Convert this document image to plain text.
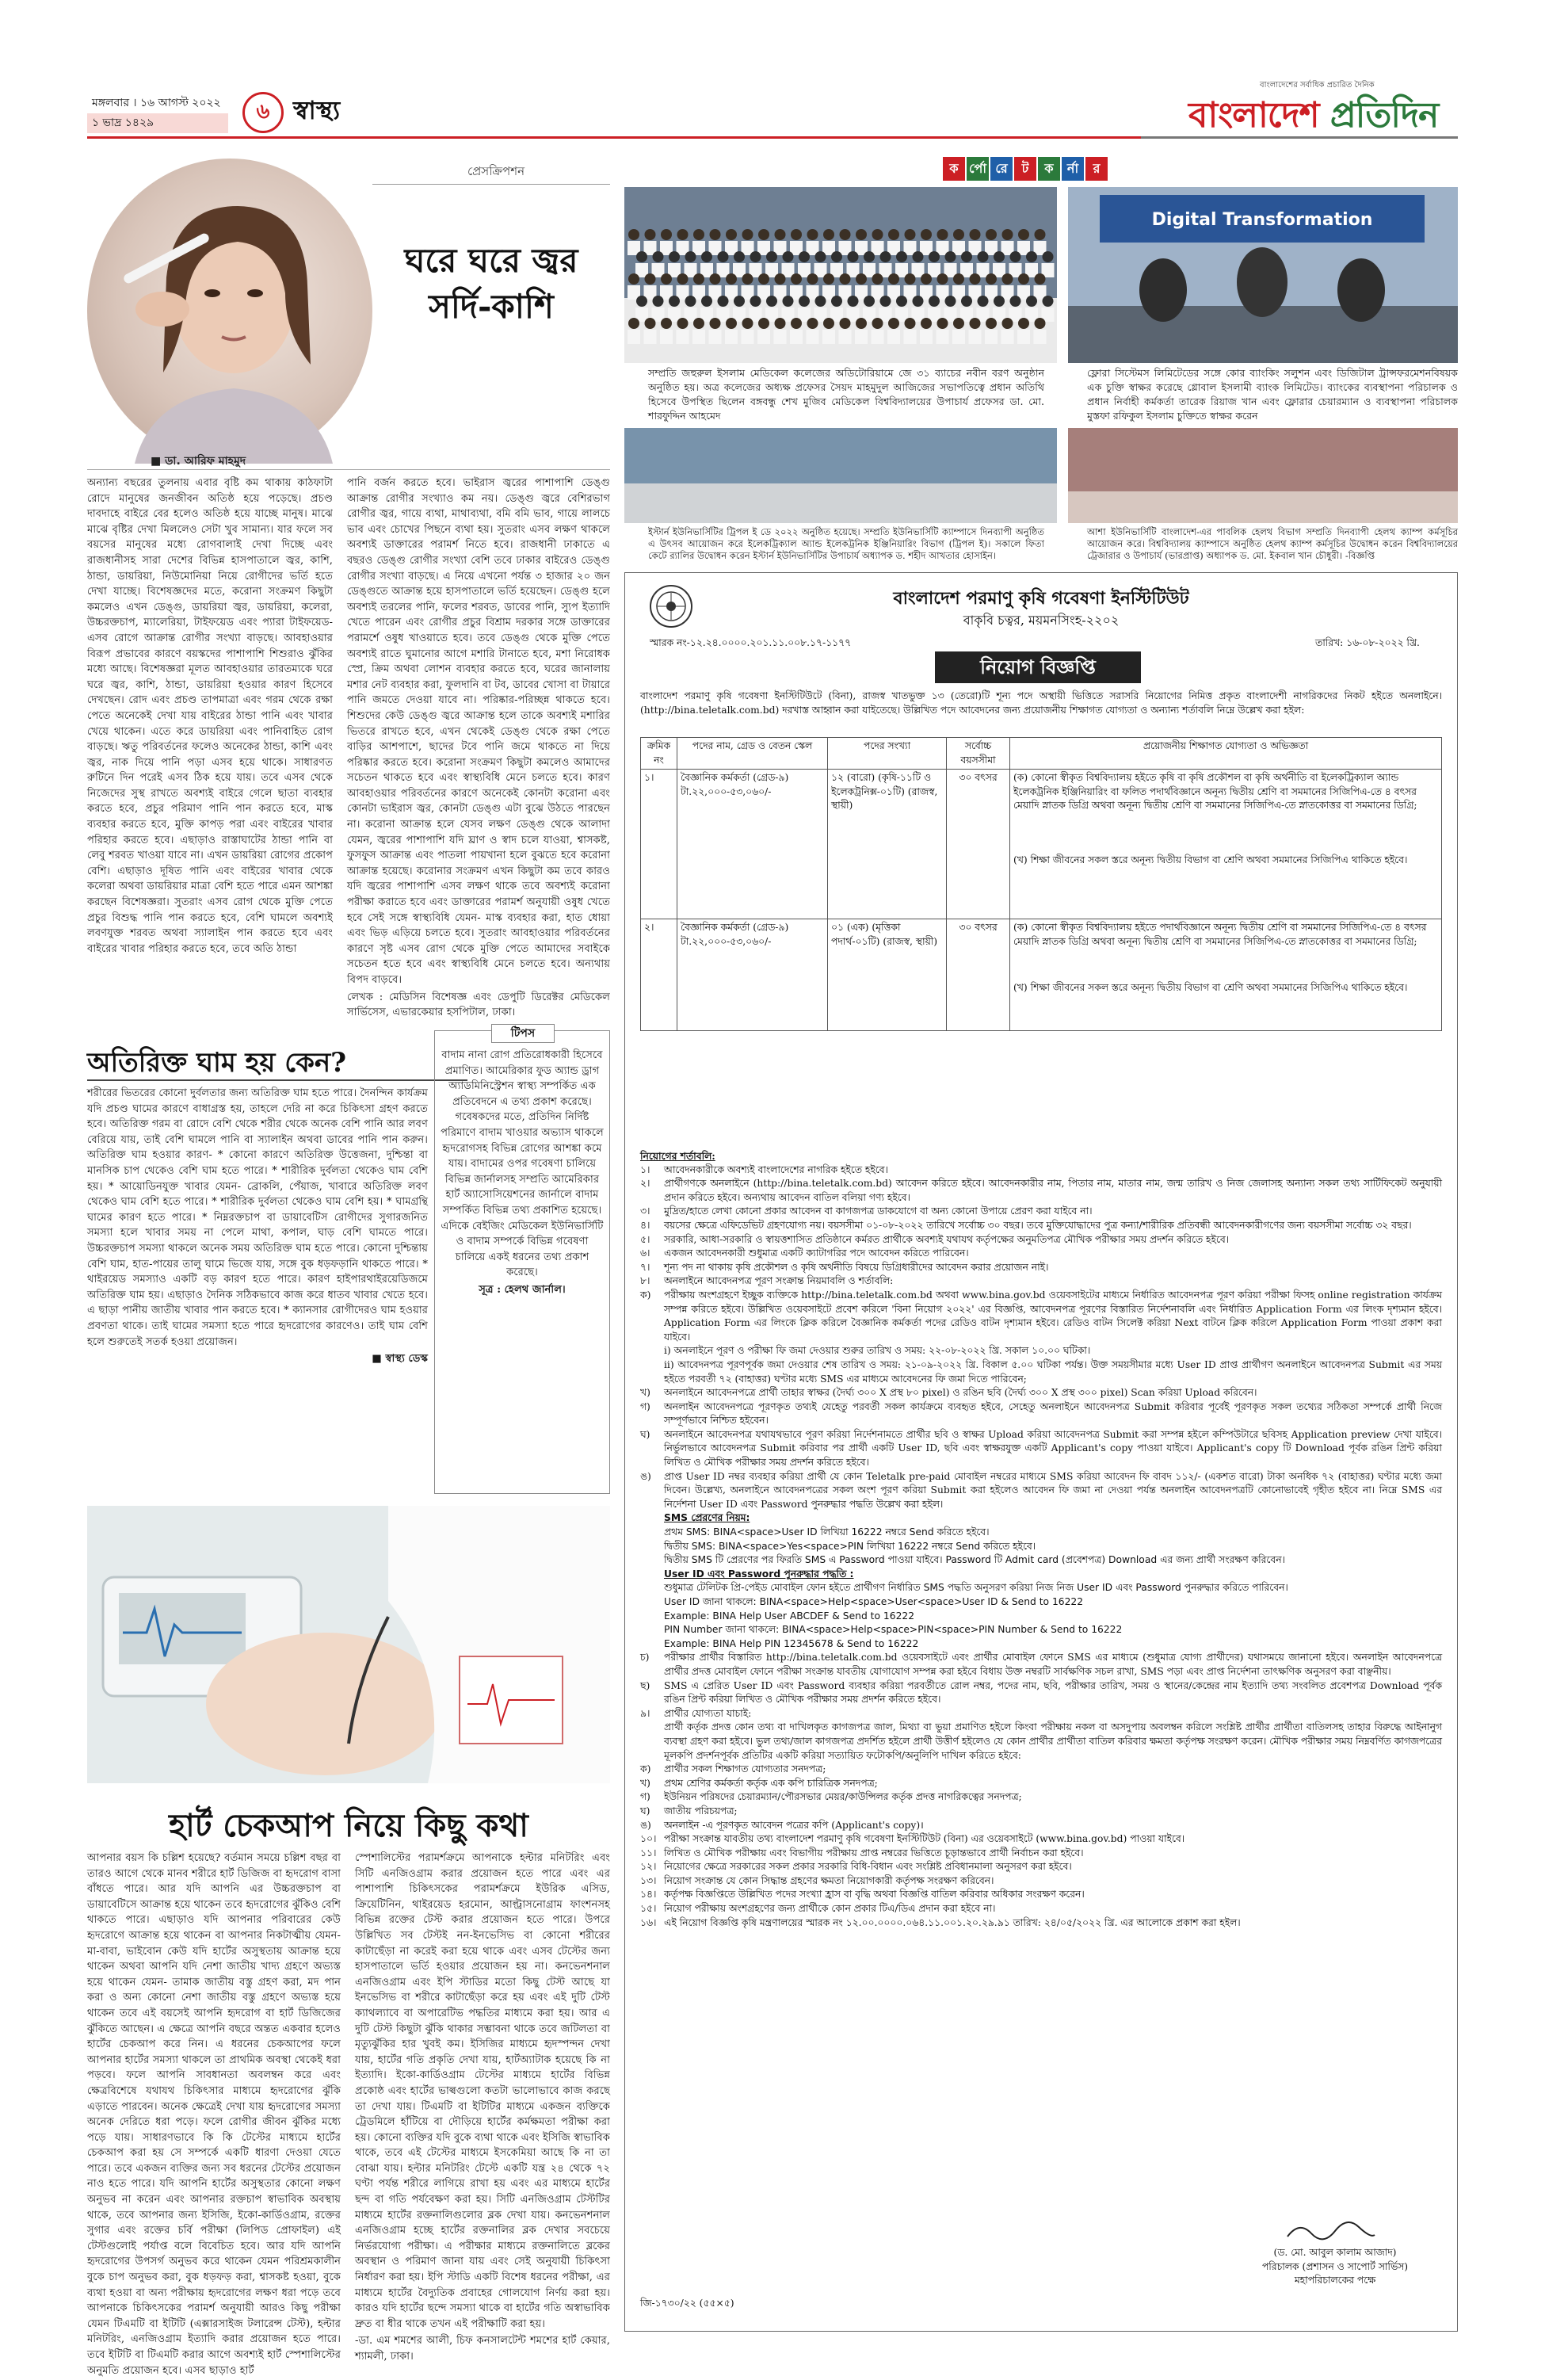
মঙ্গলবার । ১৬ আগস্ট ২০২২
১ ভাদ্র ১৪২৯	৬ স্বাস্থ্য
বাংলাদেশের সর্বাধিক প্রচারিত দৈনিক
বাংলাদেশ প্রতিদিন
প্রেসক্রিপশন
ঘরে ঘরে জ্বর
সর্দি-কাশি
■ ডা. আরিফ মাহমুদ

অন্যান্য বছরের তুলনায় এবার বৃষ্টি কম থাকায় কাঠফাটা রোদে মানুষের জনজীবন অতিষ্ঠ হয়ে পড়েছে। প্রচণ্ড দাবদাহে বাইরে বের হলেও অতিষ্ঠ হয়ে যাচ্ছে মানুষ। মাঝে মাঝে বৃষ্টির দেখা মিললেও সেটা খুব সামান্য। যার ফলে সব বয়সের মানুষের মধ্যে রোগবালাই দেখা দিচ্ছে এবং রাজধানীসহ সারা দেশের বিভিন্ন হাসপাতালে জ্বর, কাশি, ঠান্ডা, ডায়রিয়া, নিউমোনিয়া নিয়ে রোগীদের ভর্তি হতে দেখা যাচ্ছে। বিশেষজ্ঞদের মতে, করোনা সংক্রমণ কিছুটা কমলেও এখন ডেঙ্গু, ডায়রিয়া জ্বর, ডায়রিয়া, কলেরা, উচ্চরক্তচাপ, ম্যালেরিয়া, টাইফয়েড এবং প্যারা টাইফয়েড-এসব রোগে আক্রান্ত রোগীর সংখ্যা বাড়ছে। আবহাওয়ার বিরূপ প্রভাবের কারণে বয়স্কদের পাশাপাশি শিশুরাও ঝুঁকির মধ্যে আছে। বিশেষজ্ঞরা মূলত আবহাওয়ার তারতম্যকে ঘরে ঘরে জ্বর, কাশি, ঠান্ডা, ডায়রিয়া হওয়ার কারণ হিসেবে দেখছেন। রোদ এবং প্রচণ্ড তাপমাত্রা এবং গরম থেকে রক্ষা পেতে অনেকেই দেখা যায় বাইরের ঠান্ডা পানি এবং খাবার খেয়ে থাকেন। এতে করে ডায়রিয়া এবং পানিবাহিত রোগ বাড়ছে। ঋতু পরিবর্তনের ফলেও অনেকের ঠান্ডা, কাশি এবং জ্বর, নাক দিয়ে পানি পড়া এসব হয়ে থাকে। সাধারণত রুটিনে দিন পরেই এসব ঠিক হয়ে যায়। তবে এসব থেকে নিজেদের সুস্থ রাখতে অবশ্যই বাইরে গেলে ছাতা ব্যবহার করতে হবে, প্রচুর পরিমাণ পানি পান করতে হবে, মাস্ক ব্যবহার করতে হবে, মুক্তি কাপড় পরা এবং বাইরের খাবার পরিহার করতে হবে। এছাড়াও রাস্তাঘাটের ঠান্ডা পানি বা লেবু শরবত খাওয়া যাবে না। এখন ডায়রিয়া রোগের প্রকোপ বেশি। এছাড়াও দূষিত পানি এবং বাইরের খাবার থেকে কলেরা অথবা ডায়রিয়ার মাত্রা বেশি হতে পারে এমন আশঙ্কা করছেন বিশেষজ্ঞরা। সুতরাং এসব রোগ থেকে মুক্তি পেতে প্রচুর বিশুদ্ধ পানি পান করতে হবে, বেশি ঘামলে অবশ্যই লবণযুক্ত শরবত অথবা স্যালাইন পান করতে হবে এবং বাইরের খাবার পরিহার করতে হবে, তবে অতি ঠান্ডা

পানি বর্জন করতে হবে। ভাইরাস জ্বরের পাশাপাশি ডেঙ্গু আক্রান্ত রোগীর সংখ্যাও কম নয়। ডেঙ্গু জ্বরে বেশিরভাগ রোগীর জ্বর, গায়ে ব্যথা, মাথাব্যথা, বমি বমি ভাব, গায়ে লালচে ভাব এবং চোখের পিছনে ব্যথা হয়। সুতরাং এসব লক্ষণ থাকলে অবশ্যই ডাক্তারের পরামর্শ নিতে হবে। রাজধানী ঢাকাতে এ বছরও ডেঙ্গু রোগীর সংখ্যা বেশি তবে ঢাকার বাইরেও ডেঙ্গু রোগীর সংখ্যা বাড়ছে। এ নিয়ে এখনো পর্যন্ত ৩ হাজার ২০ জন ডেঙ্গুতে আক্রান্ত হয়ে হাসপাতালে ভর্তি হয়েছেন। ডেঙ্গু হলে অবশ্যই তরলের পানি, ফলের শরবত, ডাবের পানি, স্যুপ ইত্যাদি খেতে পারেন এবং রোগীর প্রচুর বিশ্রাম দরকার সঙ্গে ডাক্তারের পরামর্শে ওষুধ খাওয়াতে হবে। তবে ডেঙ্গু থেকে মুক্তি পেতে অবশ্যই রাতে ঘুমানোর আগে মশারি টানাতে হবে, মশা নিরোধক স্প্রে, ক্রিম অথবা লোশন ব্যবহার করতে হবে, ঘরের জানালায় মশার নেট ব্যবহার করা, ফুলদানি বা টব, ডাবের খোসা বা টায়ারে পানি জমতে দেওয়া যাবে না। পরিষ্কার-পরিচ্ছন্ন থাকতে হবে। শিশুদের কেউ ডেঙ্গু জ্বরে আক্রান্ত হলে তাকে অবশ্যই মশারির ভিতরে রাখতে হবে, এখন থেকেই ডেঙ্গু থেকে রক্ষা পেতে বাড়ির আশপাশে, ছাদের টবে পানি জমে থাকতে না দিয়ে পরিষ্কার করতে হবে। করোনা সংক্রমণ কিছুটা কমলেও আমাদের সচেতন থাকতে হবে এবং স্বাস্থ্যবিধি মেনে চলতে হবে। কারণ আবহাওয়ার পরিবর্তনের কারণে অনেকেই কোনটা করোনা এবং কোনটা ভাইরাস জ্বর, কোনটা ডেঙ্গু এটা বুঝে উঠতে পারছেন না। করোনা আক্রান্ত হলে যেসব লক্ষণ ডেঙ্গু থেকে আলাদা যেমন, জ্বরের পাশাপাশি যদি ঘ্রাণ ও স্বাদ চলে যাওয়া, শ্বাসকষ্ট, ফুসফুস আক্রান্ত এবং পাতলা পায়খানা হলে বুঝতে হবে করোনা আক্রান্ত হয়েছে। করোনার সংক্রমণ এখন কিছুটা কম তবে কারও যদি জ্বরের পাশাপাশি এসব লক্ষণ থাকে তবে অবশ্যই করোনা পরীক্ষা করাতে হবে এবং ডাক্তারের পরামর্শ অনুযায়ী ওষুধ খেতে হবে সেই সঙ্গে স্বাস্থ্যবিধি যেমন- মাস্ক ব্যবহার করা, হাত ধোয়া এবং ভিড় এড়িয়ে চলতে হবে। সুতরাং আবহাওয়ার পরিবর্তনের কারণে সৃষ্ট এসব রোগ থেকে মুক্তি পেতে আমাদের সবাইকে সচেতন হতে হবে এবং স্বাস্থ্যবিধি মেনে চলতে হবে। অন্যথায় বিপদ বাড়বে।

লেখক : মেডিসিন বিশেষজ্ঞ এবং ডেপুটি ডিরেক্টর মেডিকেল সার্ভিসেস, এভারকেয়ার হসপিটাল, ঢাকা।

অতিরিক্ত ঘাম হয় কেন?

শরীরের ভিতরের কোনো দুর্বলতার জন্য অতিরিক্ত ঘাম হতে পারে। দৈনন্দিন কার্যক্রম যদি প্রচণ্ড ঘামের কারণে বাধাগ্রস্ত হয়, তাহলে দেরি না করে চিকিৎসা গ্রহণ করতে হবে। অতিরিক্ত গরম বা রোদে বেশি থেকে শরীর থেকে অনেক বেশি পানি আর লবণ বেরিয়ে যায়, তাই বেশি ঘামলে পানি বা স্যালাইন অথবা ডাবের পানি পান করুন। অতিরিক্ত ঘাম হওয়ার কারণ- * কোনো কারণে অতিরিক্ত উত্তেজনা, দুশ্চিন্তা বা মানসিক চাপ থেকেও বেশি ঘাম হতে পারে। * শারীরিক দুর্বলতা থেকেও ঘাম বেশি হয়। * আয়োডিনযুক্ত খাবার যেমন- ব্রোকলি, পেঁয়াজ, খাবারে অতিরিক্ত লবণ থেকেও ঘাম বেশি হতে পারে। * শারীরিক দুর্বলতা থেকেও ঘাম বেশি হয়। * ঘামগ্রন্থি ঘামের কারণ হতে পারে। * নিম্নরক্তচাপ বা ডায়াবেটিস রোগীদের সুগারজনিত সমস্যা হলে খাবার সময় না পেলে মাথা, কপাল, ঘাড় বেশি ঘামতে পারে। উচ্চরক্তচাপ সমস্যা থাকলে অনেক সময় অতিরিক্ত ঘাম হতে পারে। কোনো দুশ্চিন্তায় বেশি ঘাম, হাত-পায়ের তালু ঘামে ভিজে যায়, সঙ্গে বুক ধড়ফড়ানি থাকতে পারে। * থাইরয়েড সমস্যাও একটি বড় কারণ হতে পারে। কারণ হাইপারথাইরয়েডিজমে অতিরিক্ত ঘাম হয়। এছাড়াও দৈনিক সঠিকভাবে কাজ করে ধাতব খাবার খেতে হবে। এ ছাড়া পানীয় জাতীয় খাবার পান করতে হবে। * ক্যানসার রোগীদেরও ঘাম হওয়ার প্রবণতা থাকে। তাই ঘামের সমস্যা হতে পারে হৃদরোগের কারণেও। তাই ঘাম বেশি হলে শুরুতেই সতর্ক হওয়া প্রয়োজন।

■ স্বাস্থ্য ডেস্ক

টিপস

বাদাম নানা রোগ প্রতিরোধকারী হিসেবে প্রমাণিত। আমেরিকার ফুড অ্যান্ড ড্রাগ অ্যাডমিনিস্ট্রেশন স্বাস্থ্য সম্পর্কিত এক প্রতিবেদনে এ তথ্য প্রকাশ করেছে। গবেষকদের মতে, প্রতিদিন নির্দিষ্ট পরিমাণে বাদাম খাওয়ার অভ্যাস থাকলে হৃদরোগসহ বিভিন্ন রোগের আশঙ্কা কমে যায়। বাদামের ওপর গবেষণা চালিয়ে বিভিন্ন জার্নালসহ সম্প্রতি আমেরিকার হার্ট অ্যাসোসিয়েশনের জার্নালে বাদাম সম্পর্কিত বিভিন্ন তথ্য প্রকাশিত হয়েছে। এদিকে বেইজিং মেডিকেল ইউনিভার্সিটি ও বাদাম সম্পর্কে বিভিন্ন গবেষণা চালিয়ে একই ধরনের তথ্য প্রকাশ করেছে।

সূত্র : হেলথ জার্নাল।

হার্ট চেকআপ নিয়ে কিছু কথা

আপনার বয়স কি চল্লিশ হয়েছে? বর্তমান সময়ে চল্লিশ বছর বা তারও আগে থেকে মানব শরীরে হার্ট ডিজিজ বা হৃদরোগ বাসা বাঁধতে পারে। আর যদি আপনি এর উচ্চরক্তচাপ বা ডায়াবেটিসে আক্রান্ত হয়ে থাকেন তবে হৃদরোগের ঝুঁকিও বেশি থাকতে পারে। এছাড়াও যদি আপনার পরিবারের কেউ হৃদরোগে আক্রান্ত হয়ে থাকেন বা আপনার নিকটাত্মীয় যেমন- মা-বাবা, ভাইবোন কেউ যদি হার্টের অসুস্থতায় আক্রান্ত হয়ে থাকেন অথবা আপনি যদি নেশা জাতীয় খাদ্য গ্রহণে অভ্যস্ত হয়ে থাকেন যেমন- তামাক জাতীয় বস্তু গ্রহণ করা, মদ পান করা ও অন্য কোনো নেশা জাতীয় বস্তু গ্রহণে অভ্যস্ত হয়ে থাকেন তবে এই বয়সেই আপনি হৃদরোগ বা হার্ট ডিজিজের ঝুঁকিতে আছেন। এ ক্ষেত্রে আপনি বছরে অন্তত একবার হলেও হার্টের চেকআপ করে নিন। এ ধরনের চেকআপের ফলে আপনার হার্টের সমস্যা থাকলে তা প্রাথমিক অবস্থা থেকেই ধরা পড়বে। ফলে আপনি সাবধানতা অবলম্বন করে এবং ক্ষেত্রবিশেষে যথাযথ চিকিৎসার মাধ্যমে হৃদরোগের ঝুঁকি এড়াতে পারবেন। অনেক ক্ষেত্রেই দেখা যায় হৃদরোগের সমস্যা অনেক দেরিতে ধরা পড়ে। ফলে রোগীর জীবন ঝুঁকির মধ্যে পড়ে যায়। সাধারণভাবে কি কি টেস্টের মাধ্যমে হার্টের চেকআপ করা হয় সে সম্পর্কে একটি ধারণা দেওয়া যেতে পারে। তবে একজন ব্যক্তির জন্য সব ধরনের টেস্টের প্রয়োজন নাও হতে পারে। যদি আপনি হার্টের অসুস্থতার কোনো লক্ষণ অনুভব না করেন এবং আপনার রক্তচাপ স্বাভাবিক অবস্থায় থাকে, তবে আপনার জন্য ইসিজি, ইকো-কার্ডিওগ্রাম, রক্তের সুগার এবং রক্তের চর্বি পরীক্ষা (লিপিড প্রোফাইল) এই টেস্টগুলোই পর্যাপ্ত বলে বিবেচিত হবে। আর যদি আপনি হৃদরোগের উপসর্গ অনুভব করে থাকেন যেমন পরিশ্রমকালীন বুকে চাপ অনুভব করা, বুক ধড়ফড় করা, শ্বাসকষ্ট হওয়া, বুকে ব্যথা হওয়া বা অন্য পরীক্ষায় হৃদরোগের লক্ষণ ধরা পড়ে তবে আপনাকে চিকিৎসকের পরামর্শ অনুযায়ী আরও কিছু পরীক্ষা যেমন টিএমটি বা ইটিটি (এক্সারসাইজ টলারেন্স টেস্ট), হল্টার মনিটরিং, এনজিওগ্রাম ইত্যাদি করার প্রয়োজন হতে পারে। তবে ইটিটি বা টিএমটি করার আগে অবশ্যই হার্ট স্পেশালিস্টের অনুমতি প্রয়োজন হবে। এসব ছাড়াও হার্ট

স্পেশালিস্টের পরামর্শক্রমে আপনাকে হল্টার মনিটরিং এবং সিটি এনজিওগ্রাম করার প্রয়োজন হতে পারে এবং এর পাশাপাশি চিকিৎসকের পরামর্শক্রমে ইউরিক এসিড, ক্রিয়েটিনিন, থাইরয়েড হরমোন, আল্ট্রাসনোগ্রাম ফাংশনসহ বিভিন্ন রক্তের টেস্ট করার প্রয়োজন হতে পারে। উপরে উল্লিখিত সব টেস্টই নন-ইনভেসিভ বা কোনো শরীরের কাটাছেঁড়া না করেই করা হয়ে থাকে এবং এসব টেস্টের জন্য হাসপাতালে ভর্তি হওয়ার প্রয়োজন হয় না। কনভেনশনাল এনজিওগ্রাম এবং ইপি স্টাডির মতো কিছু টেস্ট আছে যা ইনভেসিভ বা শরীরে কাটাছেঁড়া করে হয় এবং এই দুটি টেস্ট ক্যাথল্যাবে বা অপারেটিভ পদ্ধতির মাধ্যমে করা হয়। আর এ দুটি টেস্ট কিছুটা ঝুঁকি থাকার সম্ভাবনা থাকে তবে জটিলতা বা মৃত্যুঝুঁকির হার খুবই কম। ইসিজির মাধ্যমে হৃদস্পন্দন দেখা যায়, হার্টের গতি প্রকৃতি দেখা যায়, হার্টঅ্যাটাক হয়েছে কি না ইত্যাদি। ইকো-কার্ডিওগ্রাম টেস্টের মাধ্যমে হার্টের বিভিন্ন প্রকোষ্ঠ এবং হার্টের ভাল্বগুলো কতটা ভালোভাবে কাজ করছে তা দেখা যায়। টিএমটি বা ইটিটির মাধ্যমে একজন ব্যক্তিকে ট্রেডমিলে হাঁটিয়ে বা দৌড়িয়ে হার্টের কর্মক্ষমতা পরীক্ষা করা হয়। কোনো ব্যক্তির যদি বুকে ব্যথা থাকে এবং ইসিজি স্বাভাবিক থাকে, তবে এই টেস্টের মাধ্যমে ইসকেমিয়া আছে কি না তা বোঝা যায়। হল্টার মনিটরিং টেস্টে একটি যন্ত্র ২৪ থেকে ৭২ ঘণ্টা পর্যন্ত শরীরে লাগিয়ে রাখা হয় এবং এর মাধ্যমে হার্টের ছন্দ বা গতি পর্যবেক্ষণ করা হয়। সিটি এনজিওগ্রাম টেস্টটির মাধ্যমে হার্টের রক্তনালিগুলোর ব্লক দেখা যায়। কনভেনশনাল এনজিওগ্রাম হচ্ছে হার্টের রক্তনালির ব্লক দেখার সবচেয়ে নির্ভরযোগ্য পরীক্ষা। এ পরীক্ষার মাধ্যমে রক্তনালিতে ব্লকের অবস্থান ও পরিমাণ জানা যায় এবং সেই অনুযায়ী চিকিৎসা নির্ধারণ করা হয়। ইপি স্টাডি একটি বিশেষ ধরনের পরীক্ষা, এর মাধ্যমে হার্টের বৈদ্যুতিক প্রবাহের গোলযোগ নির্ণয় করা হয়। কারও যদি হার্টের ছন্দে সমস্যা থাকে বা হার্টের গতি অস্বাভাবিক দ্রুত বা ধীর থাকে তখন এই পরীক্ষাটি করা হয়।

-ডা. এম শমশের আলী, চিফ কনসালটেন্ট শমশের হার্ট কেয়ার, শ্যামলী, ঢাকা।

ক র্পো রে	ট	ক	র্না	র
Digital Transformation
সম্প্রতি জহুরুল ইসলাম মেডিকেল কলেজের অডিটোরিয়ামে জে ৩১ ব্যাচের নবীন বরণ অনুষ্ঠান অনুষ্ঠিত হয়। অত্র কলেজের অধ্যক্ষ প্রফেসর সৈয়দ মাহমুদুল আজিজের সভাপতিত্বে প্রধান অতিথি হিসেবে উপস্থিত ছিলেন বঙ্গবন্ধু শেখ মুজিব মেডিকেল বিশ্ববিদ্যালয়ের উপাচার্য প্রফেসর ডা. মো. শারফুদ্দিন আহমেদ
ফ্লোরা সিস্টেমস লিমিটেডের সঙ্গে কোর ব্যাংকিং সলুশন এবং ডিজিটাল ট্রান্সফরমেশনবিষয়ক এক চুক্তি স্বাক্ষর করেছে গ্লোবাল ইসলামী ব্যাংক লিমিটেড। ব্যাংকের ব্যবস্থাপনা পরিচালক ও প্রধান নির্বাহী কর্মকর্তা তারেক রিয়াজ খান এবং ফ্লোরার চেয়ারম্যান ও ব্যবস্থাপনা পরিচালক মুস্তফা রফিকুল ইসলাম চুক্তিতে স্বাক্ষর করেন
ইস্টার্ন ইউনিভার্সিটির ট্রিপল ই ডে ২০২২ অনুষ্ঠিত হয়েছে। সম্প্রতি ইউনিভার্সিটি ক্যাম্পাসে দিনব্যাপী অনুষ্ঠিত এ উৎসব আয়োজন করে ইলেকট্রিক্যাল অ্যান্ড ইলেকট্রনিক ইঞ্জিনিয়ারিং বিভাগ (ট্রিপল ই)। সকালে ফিতা কেটে র‍্যালির উদ্বোধন করেন ইস্টার্ন ইউনিভার্সিটির উপাচার্য অধ্যাপক ড. শহীদ আখতার হোসাইন।
আশা ইউনিভার্সিটি বাংলাদেশ-এর পাবলিক হেলথ বিভাগ সম্প্রতি দিনব্যাপী হেলথ ক্যাম্প কর্মসূচির আয়োজন করে। বিশ্ববিদ্যালয় ক্যাম্পাসে অনুষ্ঠিত হেলথ ক্যাম্প কর্মসূচির উদ্বোধন করেন বিশ্ববিদ্যালয়ের ট্রেজারার ও উপাচার্য (ভারপ্রাপ্ত) অধ্যাপক ড. মো. ইকবাল খান চৌধুরী। -বিজ্ঞপ্তি
বাংলাদেশ পরমাণু কৃষি গবেষণা ইনস্টিটিউট
বাকৃবি চত্বর, ময়মনসিংহ-২২০২
স্মারক নং-১২.২৪.০০০০.২০১.১১.০০৮.১৭-১১৭৭	তারিখ: ১৬-০৮-২০২২ খ্রি.
নিয়োগ বিজ্ঞপ্তি
বাংলাদেশ পরমাণু কৃষি গবেষণা ইনস্টিটিউটে (বিনা), রাজস্ব খাতভুক্ত ১৩ (তেরো)টি শূন্য পদে অস্থায়ী ভিত্তিতে সরাসরি নিয়োগের নিমিত্ত প্রকৃত বাংলাদেশী নাগরিকদের নিকট হইতে অনলাইনে। (http://bina.teletalk.com.bd) দরখাস্ত আহ্বান করা যাইতেছে। উল্লিখিত পদে আবেদনের জন্য প্রয়োজনীয় শিক্ষাগত যোগ্যতা ও অন্যান্য শর্তাবলি নিম্নে উল্লেখ করা হইল:
ক্রমিক নং	পদের নাম, গ্রেড ও বেতন স্কেল	পদের সংখ্যা	সর্বোচ্চ বয়সসীমা	প্রয়োজনীয় শিক্ষাগত যোগ্যতা ও অভিজ্ঞতা
১।	বৈজ্ঞানিক কর্মকর্তা (গ্রেড-৯) টা.২২,০০০-৫৩,০৬০/-	১২ (বারো) (কৃষি-১১টি ও ইলেকট্রনিক্স-০১টি) (রাজস্ব, স্থায়ী)	৩০ বৎসর	(ক) কোনো স্বীকৃত বিশ্ববিদ্যালয় হইতে কৃষি বা কৃষি প্রকৌশল বা কৃষি অর্থনীতি বা ইলেকট্রিক্যাল অ্যান্ড ইলেকট্রনিক ইঞ্জিনিয়ারিং বা ফলিত পদার্থবিজ্ঞানে অনূন্য দ্বিতীয় শ্রেণি বা সমমানের সিজিপিএ-তে ৪ বৎসর মেয়াদি স্নাতক ডিগ্রি অথবা অনূন্য দ্বিতীয় শ্রেণি বা সমমানের সিজিপিএ-তে স্নাতকোত্তর বা সমমানের ডিগ্রি;
(খ) শিক্ষা জীবনের সকল স্তরে অনূন্য দ্বিতীয় বিভাগ বা শ্রেণি অথবা সমমানের সিজিপিএ থাকিতে হইবে।

২।	বৈজ্ঞানিক কর্মকর্তা (গ্রেড-৯) টা.২২,০০০-৫৩,০৬০/-	০১ (এক) (মৃত্তিকা পদার্থ-০১টি) (রাজস্ব, স্থায়ী)	৩০ বৎসর	(ক) কোনো স্বীকৃত বিশ্ববিদ্যালয় হইতে পদার্থবিজ্ঞানে অনূন্য দ্বিতীয় শ্রেণি বা সমমানের সিজিপিএ-তে ৪ বৎসর মেয়াদি স্নাতক ডিগ্রি অথবা অনূন্য দ্বিতীয় শ্রেণি বা সমমানের সিজিপিএ-তে স্নাতকোত্তর বা সমমানের ডিগ্রি;
(খ) শিক্ষা জীবনের সকল স্তরে অনূন্য দ্বিতীয় বিভাগ বা শ্রেণি অথবা সমমানের সিজিপিএ থাকিতে হইবে।
নিয়োগের শর্তাবলি:
১।	আবেদনকারীকে অবশ্যই বাংলাদেশের নাগরিক হইতে হইবে।
২।	প্রার্থীগণকে অনলাইনে (http://bina.teletalk.com.bd) আবেদন করিতে হইবে। আবেদনকারীর নাম, পিতার নাম, মাতার নাম, জন্ম তারিখ ও নিজ জেলাসহ অন্যান্য সকল তথ্য সার্টিফিকেট অনুযায়ী প্রদান করিতে হইবে। অন্যথায় আবেদন বাতিল বলিয়া গণ্য হইবে।
৩।	মুদ্রিত/হাতে লেখা কোনো প্রকার আবেদন বা কাগজপত্র ডাকযোগে বা অন্য কোনো উপায়ে প্রেরণ করা যাইবে না।
৪।	বয়সের ক্ষেত্রে এফিডেভিট গ্রহণযোগ্য নয়। বয়সসীমা ০১-০৮-২০২২ তারিখে সর্বোচ্চ ৩০ বছর। তবে মুক্তিযোদ্ধাদের পুত্র কন্যা/শারীরিক প্রতিবন্ধী আবেদনকারীগণের জন্য বয়সসীমা সর্বোচ্চ ৩২ বছর।
৫।	সরকারি, আধা-সরকারি ও স্বায়ত্তশাসিত প্রতিষ্ঠানে কর্মরত প্রার্থীকে অবশ্যই যথাযথ কর্তৃপক্ষের অনুমতিপত্র মৌখিক পরীক্ষার সময় প্রদর্শন করিতে হইবে।
৬।	একজন আবেদনকারী শুধুমাত্র একটি ক্যাটাগরির পদে আবেদন করিতে পারিবেন।
৭।	শূন্য পদ না থাকায় কৃষি প্রকৌশল ও কৃষি অর্থনীতি বিষয়ে ডিগ্রিধারীদের আবেদন করার প্রয়োজন নাই।
৮।	অনলাইনে আবেদনপত্র পূরণ সংক্রান্ত নিয়মাবলি ও শর্তাবলি:
ক)	পরীক্ষায় অংশগ্রহণে ইচ্ছুক ব্যক্তিকে http://bina.teletalk.com.bd অথবা www.bina.gov.bd ওয়েবসাইটের মাধ্যমে নির্ধারিত আবেদনপত্র পূরণ করিয়া পরীক্ষা ফিসহ online registration কার্যক্রম সম্পন্ন করিতে হইবে। উল্লিখিত ওয়েবসাইটে প্রবেশ করিলে 'বিনা নিয়োগ ২০২২' এর বিজ্ঞপ্তি, আবেদনপত্র পূরণের বিস্তারিত নির্দেশনাবলি এবং নির্ধারিত Application Form এর লিংক দৃশ্যমান হইবে। Application Form এর লিংকে ক্লিক করিলে বৈজ্ঞানিক কর্মকর্তা পদের রেডিও বাটন দৃশ্যমান হইবে। রেডিও বাটন সিলেক্ট করিয়া Next বাটনে ক্লিক করিলে Application Form পাওয়া প্রকাশ করা যাইবে।
i) অনলাইনে পূরণ ও পরীক্ষা ফি জমা দেওয়ার শুরুর তারিখ ও সময়: ২২-০৮-২০২২ খ্রি. সকাল ১০.০০ ঘটিকা।
ii) আবেদনপত্র পূরণপূর্বক জমা দেওয়ার শেষ তারিখ ও সময়: ২১-০৯-২০২২ খ্রি. বিকাল ৫.০০ ঘটিকা পর্যন্ত। উক্ত সময়সীমার মধ্যে User ID প্রাপ্ত প্রার্থীগণ অনলাইনে আবেদনপত্র Submit এর সময় হইতে পরবর্তী ৭২ (বাহাত্তর) ঘণ্টার মধ্যে SMS এর মাধ্যমে আবেদনের ফি জমা দিতে পারিবেন;
খ)	অনলাইনে আবেদনপত্রে প্রার্থী তাহার স্বাক্ষর (দৈর্ঘ্য ৩০০ X প্রস্থ ৮০ pixel) ও রঙিন ছবি (দৈর্ঘ্য ৩০০ X প্রস্থ ৩০০ pixel) Scan করিয়া Upload করিবেন।
গ)	অনলাইন আবেদনপত্রে পূরণকৃত তথ্যই যেহেতু পরবর্তী সকল কার্যক্রমে ব্যবহৃত হইবে, সেহেতু অনলাইনে আবেদনপত্র Submit করিবার পূর্বেই পূরণকৃত সকল তথ্যের সঠিকতা সম্পর্কে প্রার্থী নিজে সম্পূর্ণভাবে নিশ্চিত হইবেন।
ঘ)	অনলাইনে আবেদনপত্র যথাযথভাবে পূরণ করিয়া নির্দেশনামতে প্রার্থীর ছবি ও স্বাক্ষর Upload করিয়া আবেদনপত্র Submit করা সম্পন্ন হইলে কম্পিউটারে ছবিসহ Application preview দেখা যাইবে। নির্ভুলভাবে আবেদনপত্র Submit করিবার পর প্রার্থী একটি User ID, ছবি এবং স্বাক্ষরযুক্ত একটি Applicant's copy পাওয়া যাইবে। Applicant's copy টি Download পূর্বক রঙিন প্রিন্ট করিয়া লিখিত ও মৌখিক পরীক্ষার সময় প্রদর্শন করিতে হইবে।
ঙ)	প্রাপ্ত User ID নম্বর ব্যবহার করিয়া প্রার্থী যে কোন Teletalk pre-paid মোবাইল নম্বরের মাধ্যমে SMS করিয়া আবেদন ফি বাবদ ১১২/- (একশত বারো) টাকা অনধিক ৭২ (বাহাত্তর) ঘণ্টার মধ্যে জমা দিবেন। উল্লেখ্য, অনলাইনে আবেদনপত্রের সকল অংশ পূরণ করিয়া Submit করা হইলেও আবেদন ফি জমা না দেওয়া পর্যন্ত অনলাইন আবেদনপত্রটি কোনোভাবেই গৃহীত হইবে না। নিম্নে SMS এর নির্দেশনা User ID এবং Password পুনরুদ্ধার পদ্ধতি উল্লেখ করা হইল।
SMS প্রেরণের নিয়ম:
প্রথম SMS: BINA<space>User ID লিখিয়া 16222 নম্বরে Send করিতে হইবে।
দ্বিতীয় SMS: BINA<space>Yes<space>PIN লিখিয়া 16222 নম্বরে Send করিতে হইবে।
দ্বিতীয় SMS টি প্রেরণের পর ফিরতি SMS এ Password পাওয়া যাইবে। Password টি Admit card (প্রবেশপত্র) Download এর জন্য প্রার্থী সংরক্ষণ করিবেন।
User ID এবং Password পুনরুদ্ধার পদ্ধতি :
শুধুমাত্র টেলিটক প্রি-পেইড মোবাইল ফোন হইতে প্রার্থীগণ নির্ধারিত SMS পদ্ধতি অনুসরণ করিয়া নিজ নিজ User ID এবং Password পুনরুদ্ধার করিতে পারিবেন।
User ID জানা থাকলে: BINA<space>Help<space>User<space>User ID & Send to 16222
Example: BINA Help User ABCDEF & Send to 16222
PIN Number জানা থাকলে: BINA<space>Help<space>PIN<space>PIN Number & Send to 16222
Example: BINA Help PIN 12345678 & Send to 16222
চ)	পরীক্ষার প্রার্থীর বিস্তারিত http://bina.teletalk.com.bd ওয়েবসাইটে এবং প্রার্থীর মোবাইল ফোনে SMS এর মাধ্যমে (শুধুমাত্র যোগ্য প্রার্থীদের) যথাসময়ে জানানো হইবে। অনলাইন আবেদনপত্রে প্রার্থীর প্রদত্ত মোবাইল ফোনে পরীক্ষা সংক্রান্ত যাবতীয় যোগাযোগ সম্পন্ন করা হইবে বিধায় উক্ত নম্বরটি সার্বক্ষণিক সচল রাখা, SMS পড়া এবং প্রাপ্ত নির্দেশনা তাৎক্ষণিক অনুসরণ করা বাঞ্ছনীয়।
ছ)	SMS এ প্রেরিত User ID এবং Password ব্যবহার করিয়া পরবর্তীতে রোল নম্বর, পদের নাম, ছবি, পরীক্ষার তারিখ, সময় ও স্থানের/কেন্দ্রের নাম ইত্যাদি তথ্য সংবলিত প্রবেশপত্র Download পূর্বক রঙিন প্রিন্ট করিয়া লিখিত ও মৌখিক পরীক্ষার সময় প্রদর্শন করিতে হইবে।
৯।	প্রার্থীর যোগ্যতা যাচাই:
প্রার্থী কর্তৃক প্রদত্ত কোন তথ্য বা দাখিলকৃত কাগজপত্র জাল, মিথ্যা বা ভুয়া প্রমাণিত হইলে কিংবা পরীক্ষায় নকল বা অসদুপায় অবলম্বন করিলে সংশ্লিষ্ট প্রার্থীর প্রার্থীতা বাতিলসহ তাহার বিরুদ্ধে আইনানুগ ব্যবস্থা গ্রহণ করা হইবে। ভুল তথ্য/জাল কাগজপত্র প্রদর্শিত হইলে প্রার্থী উত্তীর্ণ হইলেও যে কোন প্রার্থীর প্রার্থীতা বাতিল করিবার ক্ষমতা কর্তৃপক্ষ সংরক্ষণ করেন। মৌখিক পরীক্ষার সময় নিম্নবর্ণিত কাগজপত্রের মূলকপি প্রদর্শনপূর্বক প্রতিটির একটি করিয়া সত্যায়িত ফটোকপি/অনুলিপি দাখিল করিতে হইবে:
ক)	প্রার্থীর সকল শিক্ষাগত যোগ্যতার সনদপত্র;
খ)	প্রথম শ্রেণির কর্মকর্তা কর্তৃক এক কপি চারিত্রিক সনদপত্র;
গ)	ইউনিয়ন পরিষদের চেয়ারম্যান/পৌরসভার মেয়র/কাউন্সিলর কর্তৃক প্রদত্ত নাগরিকত্বের সনদপত্র;
ঘ)	জাতীয় পরিচয়পত্র;
ঙ)	অনলাইন -এ পূরণকৃত আবেদন পত্রের কপি (Applicant's copy)।
১০। পরীক্ষা সংক্রান্ত যাবতীয় তথ্য বাংলাদেশ পরমাণু কৃষি গবেষণা ইনস্টিটিউট (বিনা) এর ওয়েবসাইটে (www.bina.gov.bd) পাওয়া যাইবে।
১১। লিখিত ও মৌখিক পরীক্ষায় এবং বিভাগীয় পরীক্ষায় প্রাপ্ত নম্বরের ভিত্তিতে চূড়ান্তভাবে প্রার্থী নির্বাচন করা হইবে।
১২। নিয়োগের ক্ষেত্রে সরকারের সকল প্রকার সরকারি বিধি-বিধান এবং সংশ্লিষ্ট প্রবিধানমালা অনুসরণ করা হইবে।
১৩। নিয়োগ সংক্রান্ত যে কোন সিদ্ধান্ত গ্রহণের ক্ষমতা নিয়োগকারী কর্তৃপক্ষ সংরক্ষণ করিবেন।
১৪। কর্তৃপক্ষ বিজ্ঞপ্তিতে উল্লিখিত পদের সংখ্যা হ্রাস বা বৃদ্ধি অথবা বিজ্ঞপ্তি বাতিল করিবার অধিকার সংরক্ষণ করেন।
১৫। নিয়োগ পরীক্ষায় অংশগ্রহণের জন্য প্রার্থীকে কোন প্রকার টিএ/ডিএ প্রদান করা হইবে না।
১৬। এই নিয়োগ বিজ্ঞপ্তি কৃষি মন্ত্রণালয়ের স্মারক নং ১২.০০.০০০০.০৬৪.১১.০০১.২০.২৯.৯১ তারিখ: ২৪/০৫/২০২২ খ্রি. এর আলোকে প্রকাশ করা হইল।
(ড. মো. আবুল কালাম আজাদ)
পরিচালক (প্রশাসন ও সাপোর্ট সার্ভিস)
মহাপরিচালকের পক্ষে
জি-১৭৩০/২২ (৫৫×৫)
